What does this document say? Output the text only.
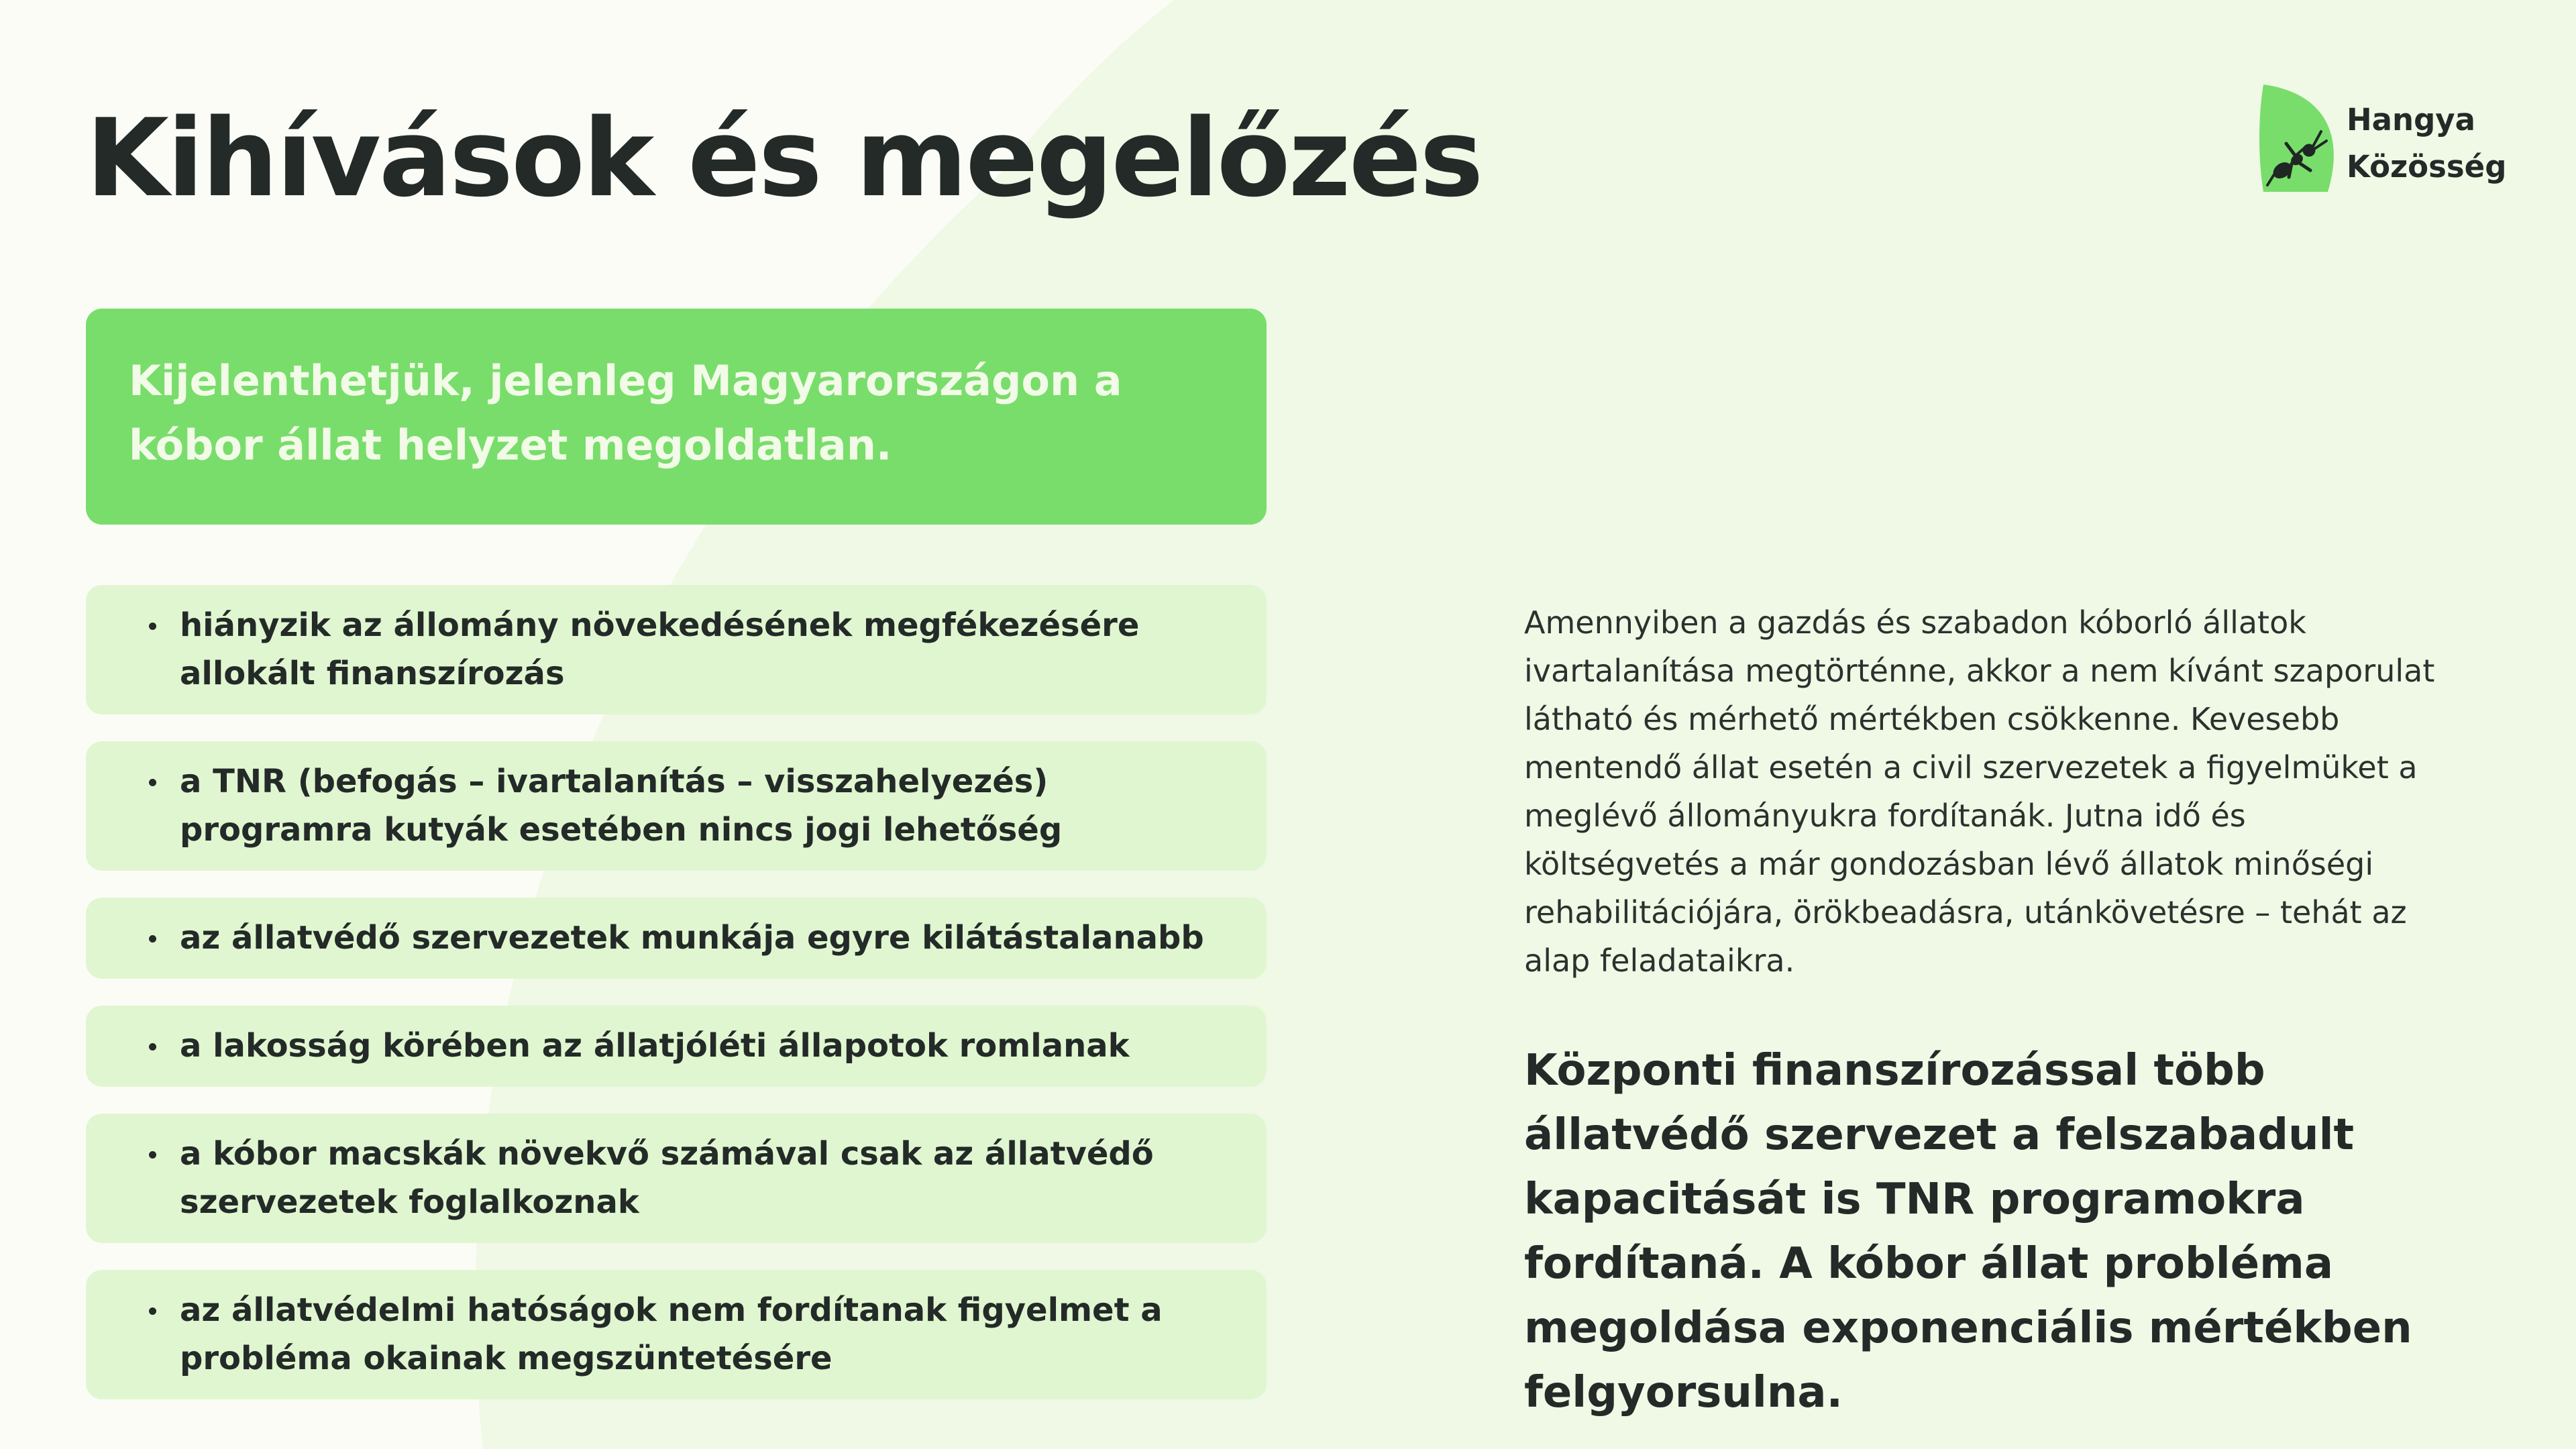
Kihívások és megelőzés	Hangya
Közösség

Kijelenthetjük, jelenleg Magyarországon a kóbor állat helyzet megoldatlan.

hiányzik az állomány növekedésének megfékezésére allokált finanszírozás
a TNR (befogás – ivartalanítás – visszahelyezés) programra kutyák esetében nincs jogi lehetőség
az állatvédő szervezetek munkája egyre kilátástalanabb
a lakosság körében az állatjóléti állapotok romlanak
a kóbor macskák növekvő számával csak az állatvédő szervezetek foglalkoznak
az állatvédelmi hatóságok nem fordítanak figyelmet a probléma okainak megszüntetésére

Amennyiben a gazdás és szabadon kóborló állatok ivartalanítása megtörténne, akkor a nem kívánt szaporulat látható és mérhető mértékben csökkenne. Kevesebb mentendő állat esetén a civil szervezetek a figyelmüket a meglévő állományukra fordítanák. Jutna idő és költségvetés a már gondozásban lévő állatok minőségi rehabilitációjára, örökbeadásra, utánkövetésre – tehát az alap feladataikra.

Központi finanszírozással több állatvédő szervezet a felszabadult kapacitását is TNR programokra fordítaná. A kóbor állat probléma megoldása exponenciális mértékben felgyorsulna.
